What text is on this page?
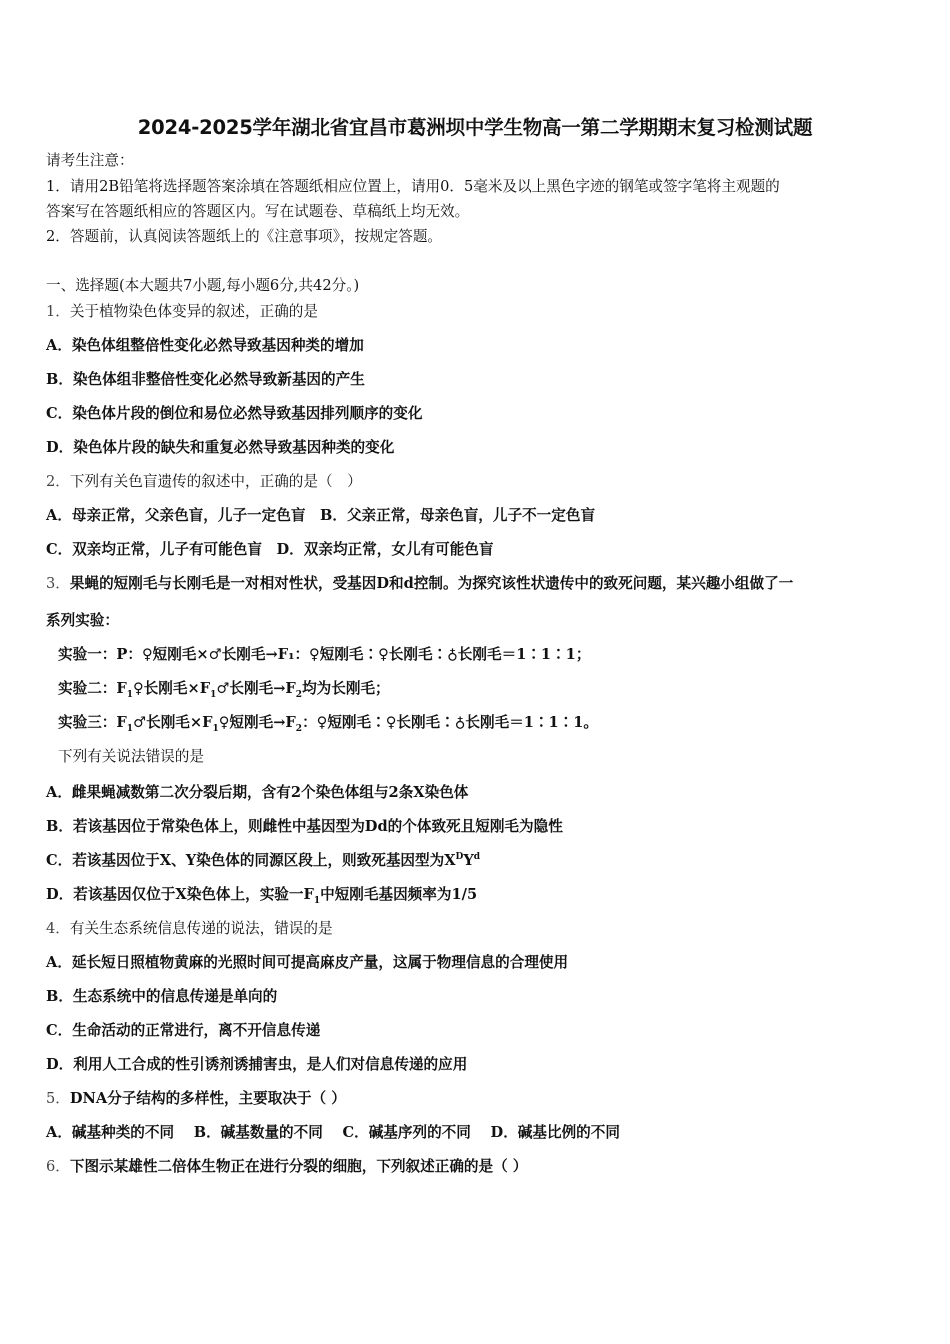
2024-2025学年湖北省宜昌市葛洲坝中学生物高一第二学期期末复习检测试题
请考生注意：
1．请用2B铅笔将选择题答案涂填在答题纸相应位置上，请用0．5毫米及以上黑色字迹的钢笔或签字笔将主观题的
答案写在答题纸相应的答题区内。写在试题卷、草稿纸上均无效。
2．答题前，认真阅读答题纸上的《注意事项》，按规定答题。
一、选择题(本大题共7小题,每小题6分,共42分。)
1．关于植物染色体变异的叙述，正确的是
A．染色体组整倍性变化必然导致基因种类的增加
B．染色体组非整倍性变化必然导致新基因的产生
C．染色体片段的倒位和易位必然导致基因排列顺序的变化
D．染色体片段的缺失和重复必然导致基因种类的变化
2．下列有关色盲遗传的叙述中，正确的是（　）
A．母亲正常，父亲色盲，儿子一定色盲　B．父亲正常，母亲色盲，儿子不一定色盲
C．双亲均正常，儿子有可能色盲　D．双亲均正常，女儿有可能色盲
3．果蝇的短刚毛与长刚毛是一对相对性状，受基因D和d控制。为探究该性状遗传中的致死问题，某兴趣小组做了一
系列实验：
实验一：P：♀短刚毛×♂长刚毛→F₁：♀短刚毛∶♀长刚毛∶♁长刚毛＝1∶1∶1；
实验二：$F_1♀$长刚毛$\times F_1♂$长刚毛$\to F_2$均为长刚毛；
实验三：$F_1♂$长刚毛$\times F_1♀$短刚毛$\to F_2$：♀短刚毛∶♀长刚毛∶♁长刚毛＝1∶1∶1。
下列有关说法错误的是
A．雌果蝇减数第二次分裂后期，含有2个染色体组与2条X染色体
B．若该基因位于常染色体上，则雌性中基因型为Dd的个体致死且短刚毛为隐性
C．若该基因位于X、Y染色体的同源区段上，则致死基因型为$X^DY^d$
D．若该基因仅位于X染色体上，实验一$F_1$中短刚毛基因频率为1/5
4．有关生态系统信息传递的说法，错误的是
A．延长短日照植物黄麻的光照时间可提高麻皮产量，这属于物理信息的合理使用
B．生态系统中的信息传递是单向的
C．生命活动的正常进行，离不开信息传递
D．利用人工合成的性引诱剂诱捕害虫，是人们对信息传递的应用
5．DNA分子结构的多样性，主要取决于（ ）
A．碱基种类的不同　 B．碱基数量的不同　 C．碱基序列的不同　 D．碱基比例的不同
6．下图示某雄性二倍体生物正在进行分裂的细胞，下列叙述正确的是（ ）
